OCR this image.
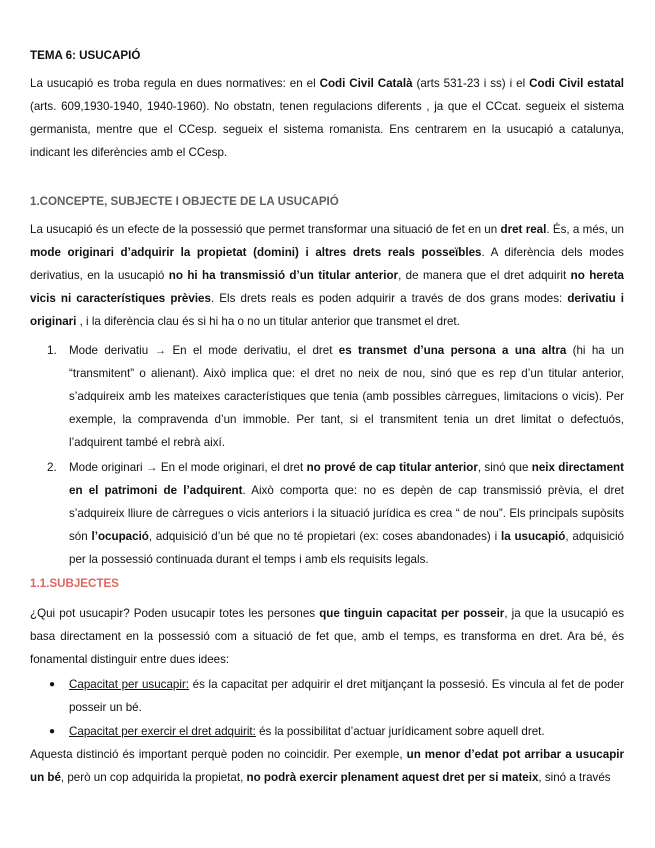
TEMA 6: USUCAPIÓ

La usucapió es troba regula en dues normatives: en el Codi Civil Català (arts 531-23 i ss) i el Codi Civil estatal (arts. 609,1930-1940, 1940-1960). No obstatn, tenen regulacions diferents , ja que el CCcat. segueix el sistema germanista, mentre que el CCesp. segueix el sistema romanista. Ens centrarem en la usucapió a catalunya, indicant les diferències amb el CCesp.

1.CONCEPTE, SUBJECTE I OBJECTE DE LA USUCAPIÓ

La usucapió és un efecte de la possessió que permet transformar una situació de fet en un dret real. És, a més, un mode originari d’adquirir la propietat (domini) i altres drets reals posseïbles. A diferència dels modes derivatius, en la usucapió no hi ha transmissió d’un titular anterior, de manera que el dret adquirit no hereta vicis ni característiques prèvies. Els drets reals es poden adquirir a través de dos grans modes: derivatiu i originari , i la diferència clau és si hi ha o no un titular anterior que transmet el dret.

1. Mode derivatiu → En el mode derivatiu, el dret es transmet d’una persona a una altra (hi ha un “transmitent” o alienant). Això implica que: el dret no neix de nou, sinó que es rep d’un titular anterior, s’adquireix amb les mateixes característiques que tenia (amb possibles càrregues, limitacions o vicis). Per exemple, la compravenda d’un immoble. Per tant, si el transmitent tenia un dret limitat o defectuós, l’adquirent també el rebrà així.

2. Mode originari → En el mode originari, el dret no prové de cap titular anterior, sinó que neix directament en el patrimoni de l’adquirent. Això comporta que: no es depèn de cap transmissió prèvia, el dret s’adquireix lliure de càrregues o vicis anteriors i la situació jurídica es crea “ de nou”. Els principals supòsits són l’ocupació, adquisició d’un bé que no té propietari (ex: coses abandonades) i la usucapió, adquisició per la possessió continuada durant el temps i amb els requisits legals.

1.1.SUBJECTES

¿Qui pot usucapir? Poden usucapir totes les persones que tinguin capacitat per posseir, ja que la usucapió es basa directament en la possessió com a situació de fet que, amb el temps, es transforma en dret. Ara bé, és fonamental distinguir entre dues idees:

● Capacitat per usucapir: és la capacitat per adquirir el dret mitjançant la possesió. Es vincula al fet de poder posseir un bé.

● Capacitat per exercir el dret adquirit: és la possibilitat d’actuar jurídicament sobre aquell dret.

Aquesta distinció és important perquè poden no coincidir. Per exemple, un menor d’edat pot arribar a usucapir un bé, però un cop adquirida la propietat, no podrà exercir plenament aquest dret per si mateix, sinó a través
